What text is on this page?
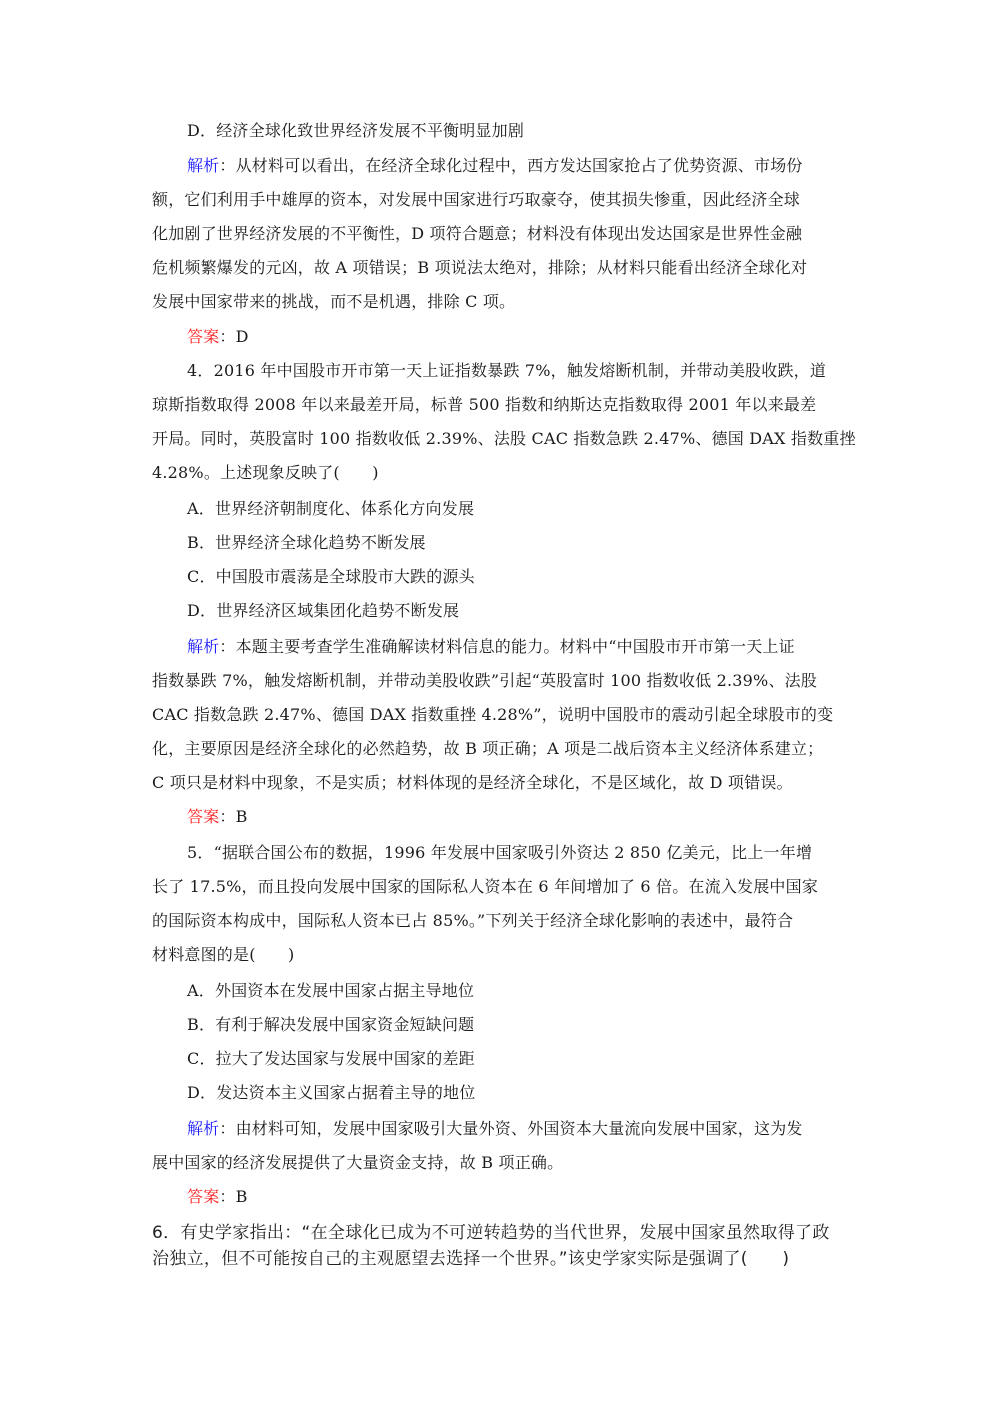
D．经济全球化致世界经济发展不平衡明显加剧
解析：从材料可以看出，在经济全球化过程中，西方发达国家抢占了优势资源、市场份
额，它们利用手中雄厚的资本，对发展中国家进行巧取豪夺，使其损失惨重，因此经济全球
化加剧了世界经济发展的不平衡性，D 项符合题意；材料没有体现出发达国家是世界性金融
危机频繁爆发的元凶，故 A 项错误；B 项说法太绝对，排除；从材料只能看出经济全球化对
发展中国家带来的挑战，而不是机遇，排除 C 项。
答案：D
4．2016 年中国股市开市第一天上证指数暴跌 7%，触发熔断机制，并带动美股收跌，道
琼斯指数取得 2008 年以来最差开局，标普 500 指数和纳斯达克指数取得 2001 年以来最差
开局。同时，英股富时 100 指数收低 2.39%、法股 CAC 指数急跌 2.47%、德国 DAX 指数重挫
4.28%。上述现象反映了(　　)
A．世界经济朝制度化、体系化方向发展
B．世界经济全球化趋势不断发展
C．中国股市震荡是全球股市大跌的源头
D．世界经济区域集团化趋势不断发展
解析：本题主要考查学生准确解读材料信息的能力。材料中“中国股市开市第一天上证
指数暴跌 7%，触发熔断机制，并带动美股收跌”引起“英股富时 100 指数收低 2.39%、法股
CAC 指数急跌 2.47%、德国 DAX 指数重挫 4.28%”，说明中国股市的震动引起全球股市的变
化，主要原因是经济全球化的必然趋势，故 B 项正确；A 项是二战后资本主义经济体系建立；
C 项只是材料中现象，不是实质；材料体现的是经济全球化，不是区域化，故 D 项错误。
答案：B
5．“据联合国公布的数据，1996 年发展中国家吸引外资达 2 850 亿美元，比上一年增
长了 17.5%，而且投向发展中国家的国际私人资本在 6 年间增加了 6 倍。在流入发展中国家
的国际资本构成中，国际私人资本已占 85%。”下列关于经济全球化影响的表述中，最符合
材料意图的是(　　)
A．外国资本在发展中国家占据主导地位
B．有利于解决发展中国家资金短缺问题
C．拉大了发达国家与发展中国家的差距
D．发达资本主义国家占据着主导的地位
解析：由材料可知，发展中国家吸引大量外资、外国资本大量流向发展中国家，这为发
展中国家的经济发展提供了大量资金支持，故 B 项正确。
答案：B
6．有史学家指出：“在全球化已成为不可逆转趋势的当代世界，发展中国家虽然取得了政
治独立，但不可能按自己的主观愿望去选择一个世界。”该史学家实际是强调了(　　)
